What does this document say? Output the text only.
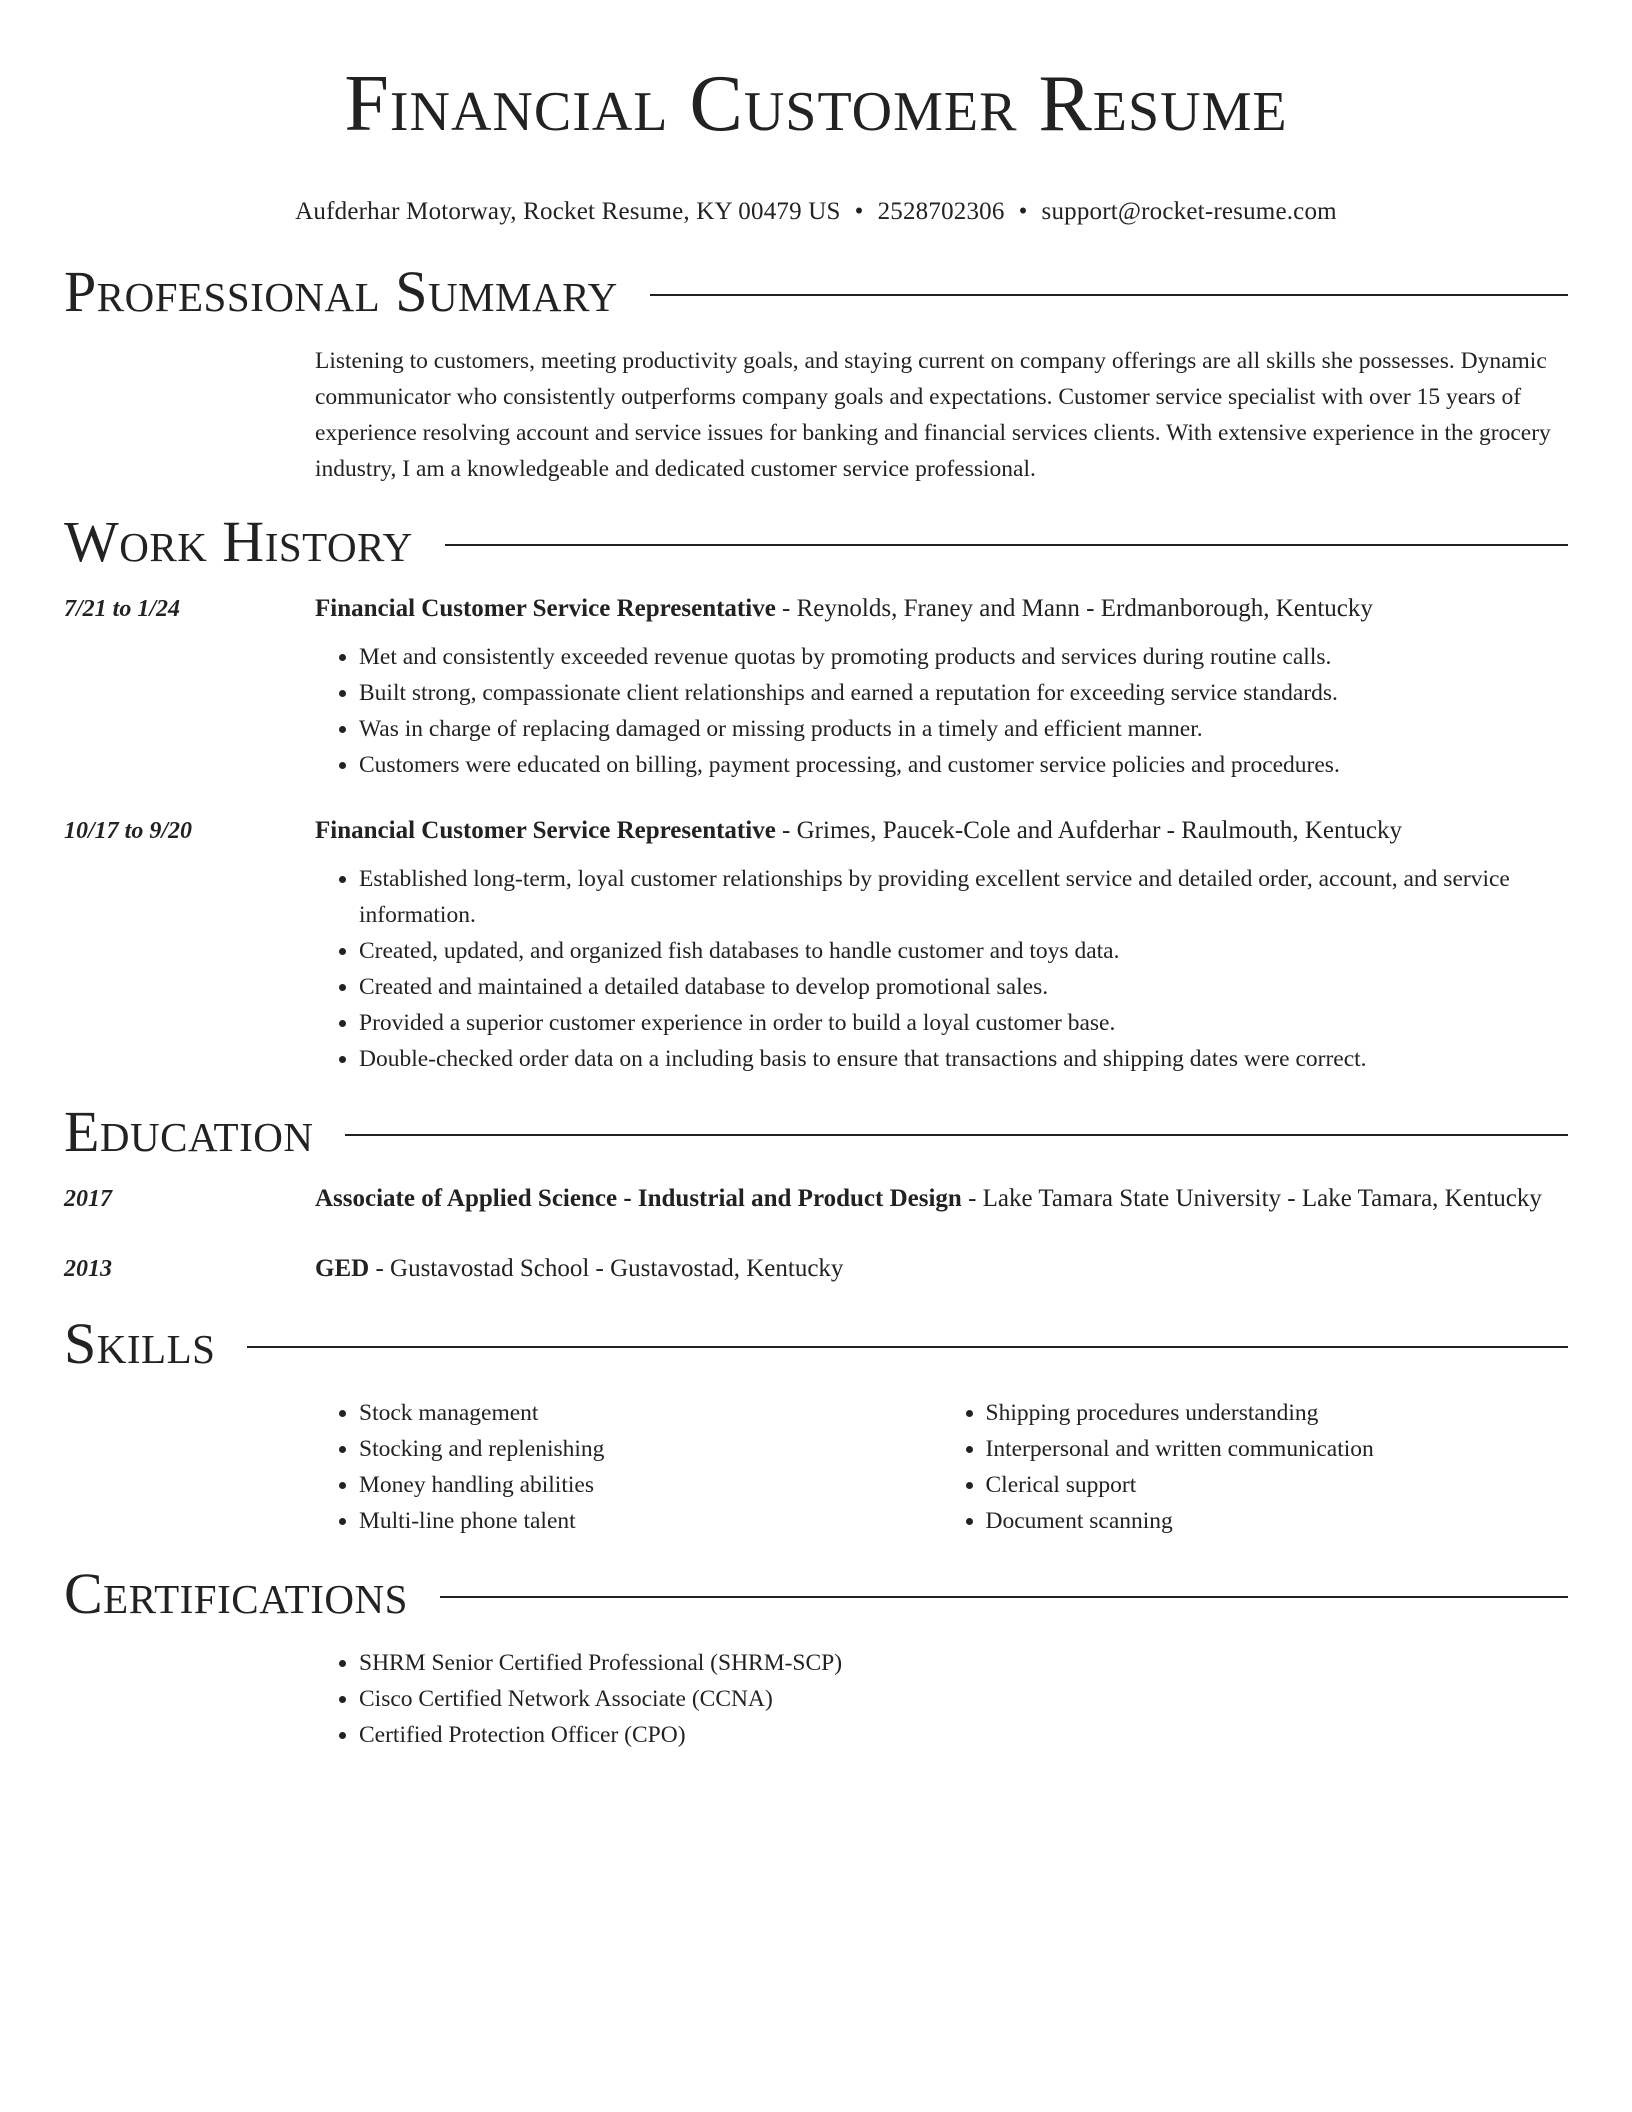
Financial Customer Resume
Aufderhar Motorway, Rocket Resume, KY 00479 US • 2528702306 • support@rocket-resume.com
Professional Summary
Listening to customers, meeting productivity goals, and staying current on company offerings are all skills she possesses. Dynamic communicator who consistently outperforms company goals and expectations. Customer service specialist with over 15 years of experience resolving account and service issues for banking and financial services clients. With extensive experience in the grocery industry, I am a knowledgeable and dedicated customer service professional.
Work History
7/21 to 1/24	Financial Customer Service Representative - Reynolds, Franey and Mann - Erdmanborough, Kentucky
• Met and consistently exceeded revenue quotas by promoting products and services during routine calls.
• Built strong, compassionate client relationships and earned a reputation for exceeding service standards.
• Was in charge of replacing damaged or missing products in a timely and efficient manner.
• Customers were educated on billing, payment processing, and customer service policies and procedures.
10/17 to 9/20	Financial Customer Service Representative - Grimes, Paucek-Cole and Aufderhar - Raulmouth, Kentucky
• Established long-term, loyal customer relationships by providing excellent service and detailed order, account, and service information.
• Created, updated, and organized fish databases to handle customer and toys data.
• Created and maintained a detailed database to develop promotional sales.
• Provided a superior customer experience in order to build a loyal customer base.
• Double-checked order data on a including basis to ensure that transactions and shipping dates were correct.
Education
2017	Associate of Applied Science - Industrial and Product Design - Lake Tamara State University - Lake Tamara, Kentucky
2013	GED - Gustavostad School - Gustavostad, Kentucky
Skills
• Stock management
• Stocking and replenishing
• Money handling abilities
• Multi-line phone talent
• Shipping procedures understanding
• Interpersonal and written communication
• Clerical support
• Document scanning
Certifications
• SHRM Senior Certified Professional (SHRM-SCP)
• Cisco Certified Network Associate (CCNA)
• Certified Protection Officer (CPO)
